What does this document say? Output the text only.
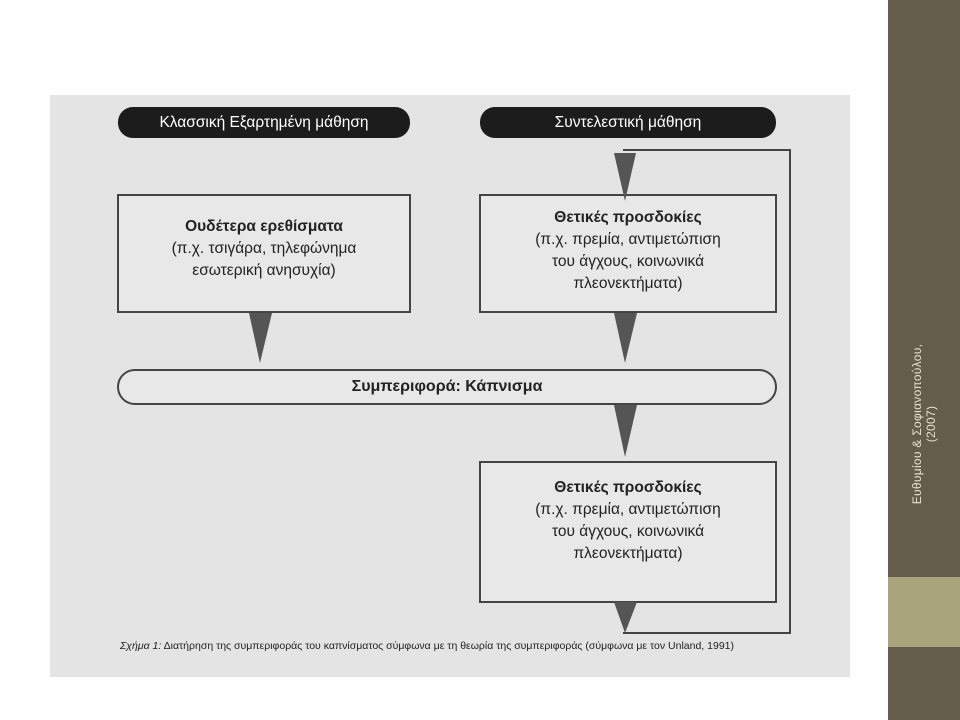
Κλασσική Εξαρτημένη μάθηση	Συντελεστική μάθηση
Ουδέτερα ερεθίσματα
(π.χ. τσιγάρα, τηλεφώνημα
εσωτερική ανησυχία)
Θετικές προσδοκίες
(π.χ. πρεμία, αντιμετώπιση
του άγχους, κοινωνικά
πλεονεκτήματα)
Συμπεριφορά: Κάπνισμα
Θετικές προσδοκίες
(π.χ. πρεμία, αντιμετώπιση
του άγχους, κοινωνικά
πλεονεκτήματα)
Σχήμα 1: Διατήρηση της συμπεριφοράς του καπνίσματος σύμφωνα με τη θεωρία της συμπεριφοράς (σύμφωνα με τον Unland, 1991)
Ευθυμίου & Σοφιανοπούλου, (2007)
